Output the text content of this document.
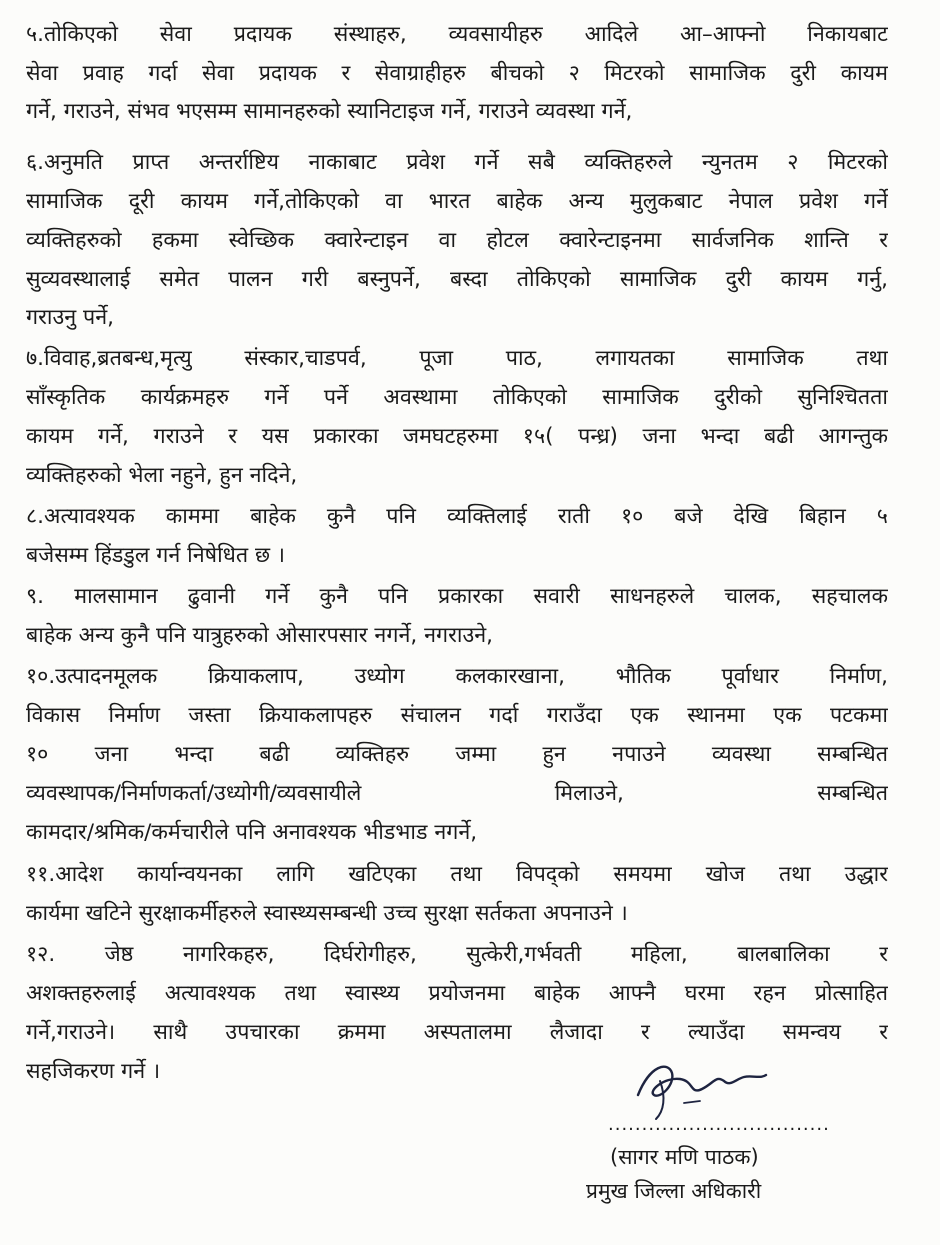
५.तोकिएको सेवा प्रदायक संस्थाहरु, व्यवसायीहरु आदिले आ–आफ्नो निकायबाट
सेवा प्रवाह गर्दा सेवा प्रदायक र सेवाग्राहीहरु बीचको २ मिटरको सामाजिक दुरी कायम
गर्ने, गराउने, संभव भएसम्म सामानहरुको स्यानिटाइज गर्ने, गराउने व्यवस्था गर्ने,
६.अनुमति प्राप्त अन्तर्राष्टिय नाकाबाट प्रवेश गर्ने सबै व्यक्तिहरुले न्युनतम २ मिटरको
सामाजिक दूरी कायम गर्ने,तोकिएको वा भारत बाहेक अन्य मुलुकबाट नेपाल प्रवेश गर्ने
व्यक्तिहरुको हकमा स्वेच्छिक क्वारेन्टाइन वा होटल क्वारेन्टाइनमा सार्वजनिक शान्ति र
सुव्यवस्थालाई समेत पालन गरी बस्नुपर्ने, बस्दा तोकिएको सामाजिक दुरी कायम गर्नु,
गराउनु पर्ने,
७.विवाह,ब्रतबन्ध,मृत्यु संस्कार,चाडपर्व, पूजा पाठ, लगायतका सामाजिक तथा
साँस्कृतिक कार्यक्रमहरु गर्ने पर्ने अवस्थामा तोकिएको सामाजिक दुरीको सुनिश्चितता
कायम गर्ने, गराउने र यस प्रकारका जमघटहरुमा १५( पन्ध्र) जना भन्दा बढी आगन्तुक
व्यक्तिहरुको भेला नहुने, हुन नदिने,
८.अत्यावश्यक काममा बाहेक कुनै पनि व्यक्तिलाई राती १० बजे देखि बिहान ५
बजेसम्म हिंडडुल गर्न निषेधित छ ।
९. मालसामान ढुवानी गर्ने कुनै पनि प्रकारका सवारी साधनहरुले चालक, सहचालक
बाहेक अन्य कुनै पनि यात्रुहरुको ओसारपसार नगर्ने, नगराउने,
१०.उत्पादनमूलक क्रियाकलाप, उध्योग कलकारखाना, भौतिक पूर्वाधार निर्माण,
विकास निर्माण जस्ता क्रियाकलापहरु संचालन गर्दा गराउँदा एक स्थानमा एक पटकमा
१० जना भन्दा बढी व्यक्तिहरु जम्मा हुन नपाउने व्यवस्था सम्बन्धित
व्यवस्थापक/निर्माणकर्ता/उध्योगी/व्यवसायीले मिलाउने, सम्बन्धित
कामदार/श्रमिक/कर्मचारीले पनि अनावश्यक भीडभाड नगर्ने,
११.आदेश कार्यान्वयनका लागि खटिएका तथा विपद्को समयमा खोज तथा उद्धार
कार्यमा खटिने सुरक्षाकर्मीहरुले स्वास्थ्यसम्बन्धी उच्च सुरक्षा सर्तकता अपनाउने ।
१२. जेष्ठ नागरिकहरु, दिर्घरोगीहरु, सुत्केरी,गर्भवती महिला, बालबालिका र
अशक्तहरुलाई अत्यावश्यक तथा स्वास्थ्य प्रयोजनमा बाहेक आफ्नै घरमा रहन प्रोत्साहित
गर्ने,गराउने। साथै उपचारका क्रममा अस्पतालमा लैजादा र ल्याउँदा समन्वय र
सहजिकरण गर्ने ।
.................................
(सागर मणि पाठक)
प्रमुख जिल्ला अधिकारी
